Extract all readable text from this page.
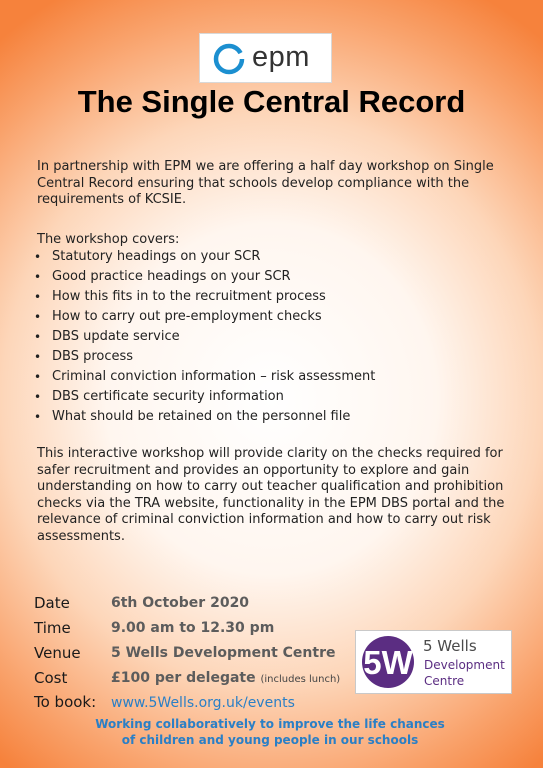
epm
The Single Central Record
In partnership with EPM we are offering a half day workshop on Single Central Record ensuring that schools develop compliance with the requirements of KCSIE.
The workshop covers:
• Statutory headings on your SCR
• Good practice headings on your SCR
• How this fits in to the recruitment process
• How to carry out pre-employment checks
• DBS update service
• DBS process
• Criminal conviction information – risk assessment
• DBS certificate security information
• What should be retained on the personnel file
This interactive workshop will provide clarity on the checks required for safer recruitment and provides an opportunity to explore and gain understanding on how to carry out teacher qualification and prohibition checks via the TRA website, functionality in the EPM DBS portal and the relevance of criminal conviction information and how to carry out risk assessments.
Date	6th October 2020
Time	9.00 am to 12.30 pm
Venue 5 Wells Development Centre
Cost	£100 per delegate (includes lunch)
To book: www.5Wells.org.uk/events
5W 5 Wells
Development
Centre
Working collaboratively to improve the life chances
of children and young people in our schools
